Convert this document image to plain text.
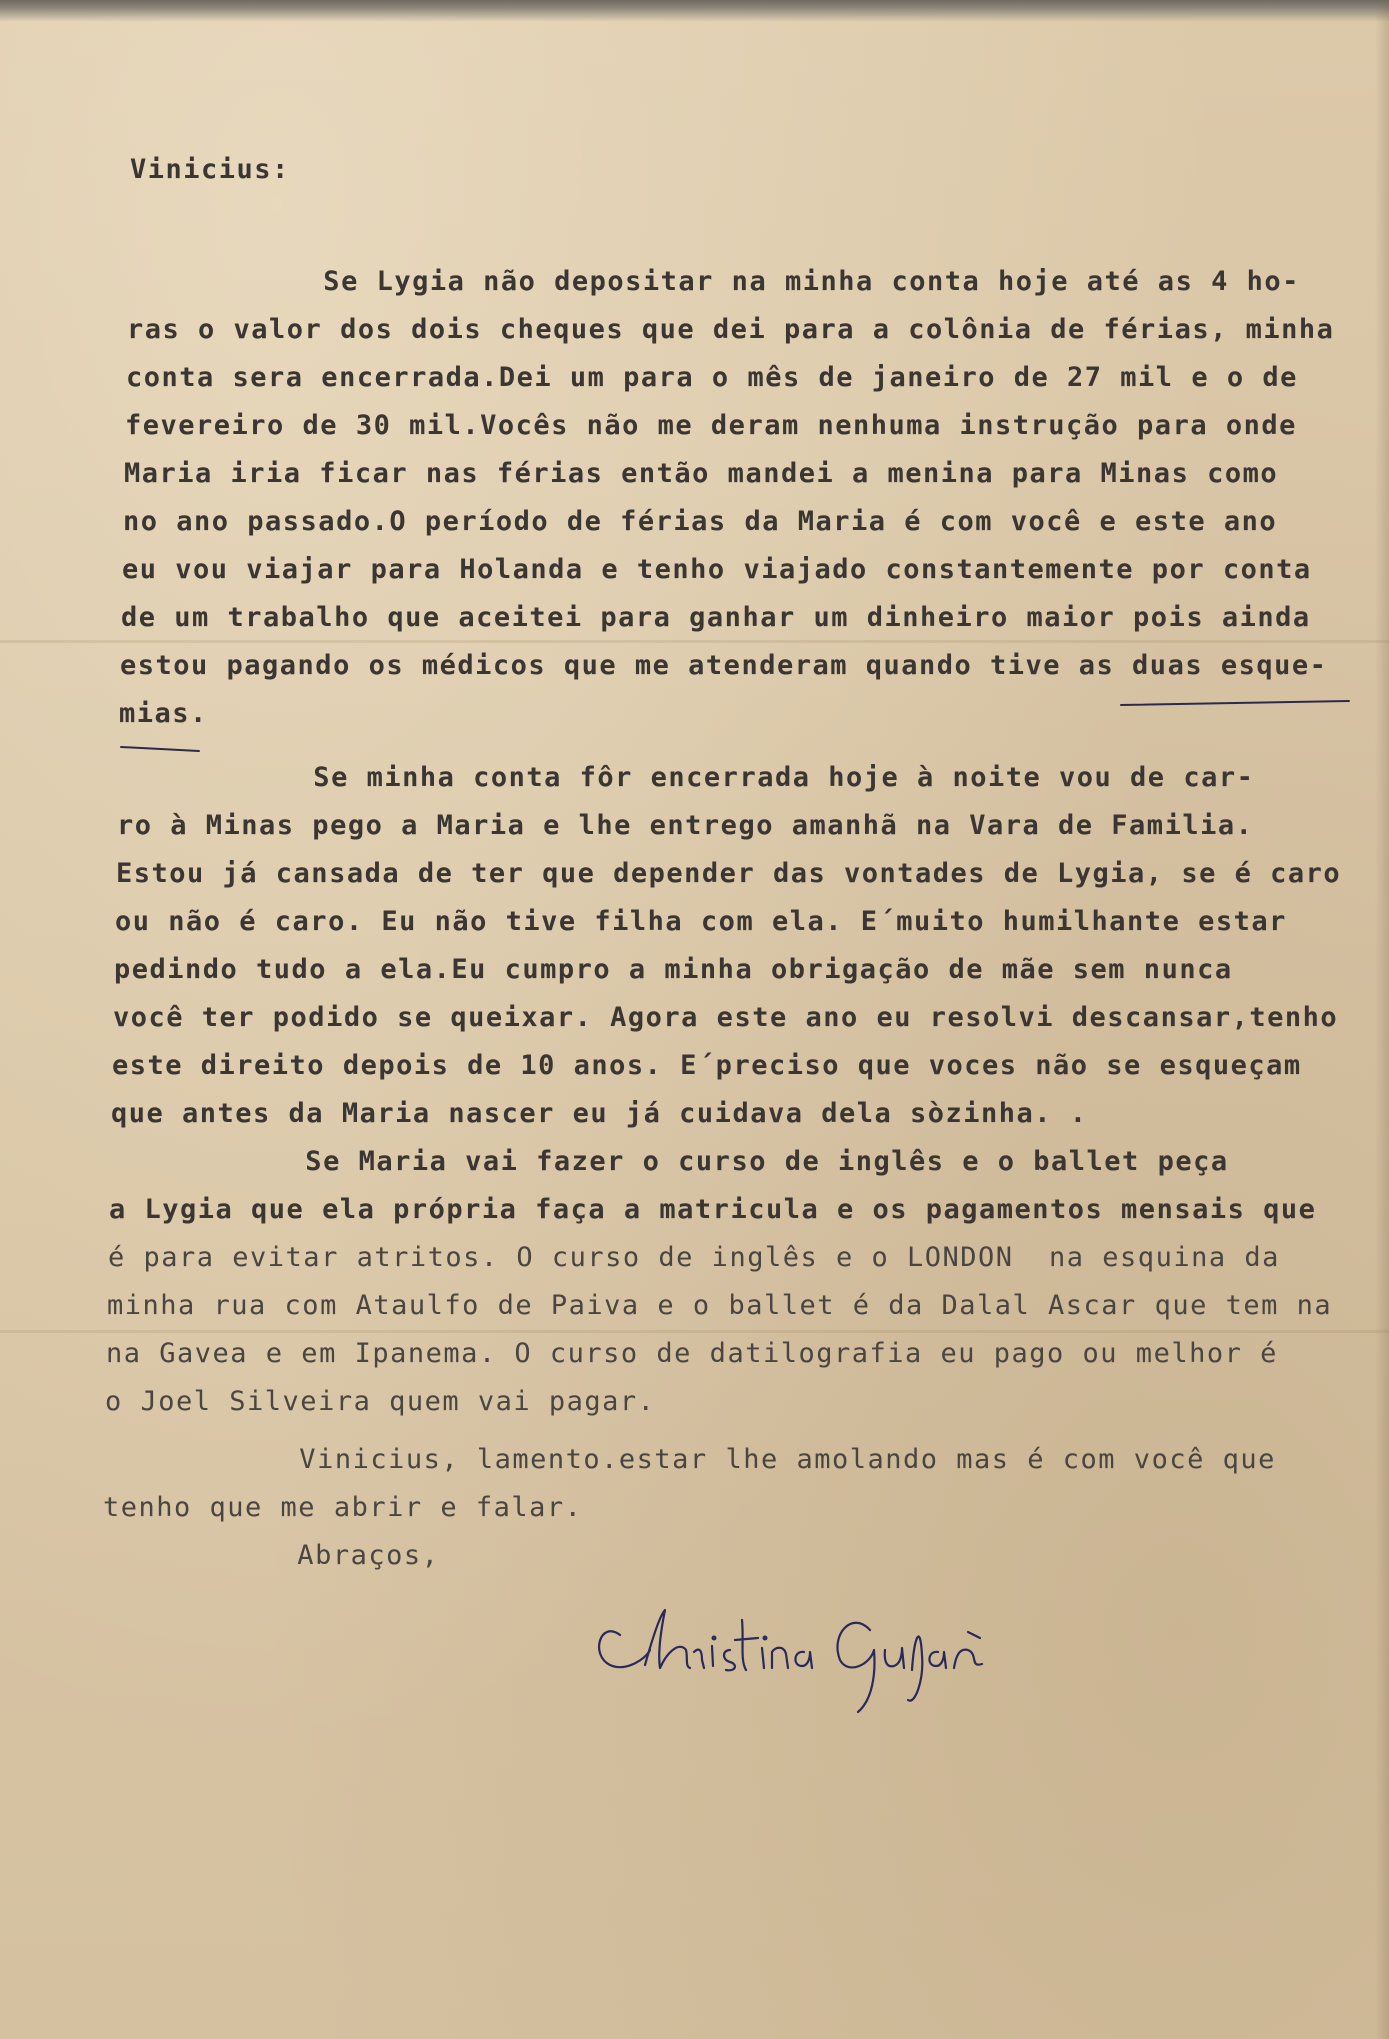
Vinicius:
Se Lygia não depositar na minha conta hoje até as 4 ho-
ras o valor dos dois cheques que dei para a colônia de férias, minha
conta sera encerrada.Dei um para o mês de janeiro de 27 mil e o de
fevereiro de 30 mil.Vocês não me deram nenhuma instrução para onde
Maria iria ficar nas férias então mandei a menina para Minas como
no ano passado.O período de férias da Maria é com você e este ano
eu vou viajar para Holanda e tenho viajado constantemente por conta
de um trabalho que aceitei para ganhar um dinheiro maior pois ainda
estou pagando os médicos que me atenderam quando tive as duas esque-
mias.
Se minha conta fôr encerrada hoje à noite vou de car-
ro à Minas pego a Maria e lhe entrego amanhã na Vara de Familia.
Estou já cansada de ter que depender das vontades de Lygia, se é caro
ou não é caro. Eu não tive filha com ela. E´muito humilhante estar
pedindo tudo a ela.Eu cumpro a minha obrigação de mãe sem nunca
você ter podido se queixar. Agora este ano eu resolvi descansar,tenho
este direito depois de 10 anos. E´preciso que voces não se esqueçam
que antes da Maria nascer eu já cuidava dela sòzinha. .
Se Maria vai fazer o curso de inglês e o ballet peça
a Lygia que ela própria faça a matricula e os pagamentos mensais que
é para evitar atritos. O curso de inglês e o LONDON  na esquina da
minha rua com Ataulfo de Paiva e o ballet é da Dalal Ascar que tem na
na Gavea e em Ipanema. O curso de datilografia eu pago ou melhor é
o Joel Silveira quem vai pagar.
Vinicius, lamento.estar lhe amolando mas é com você que
tenho que me abrir e falar.
Abraços,
